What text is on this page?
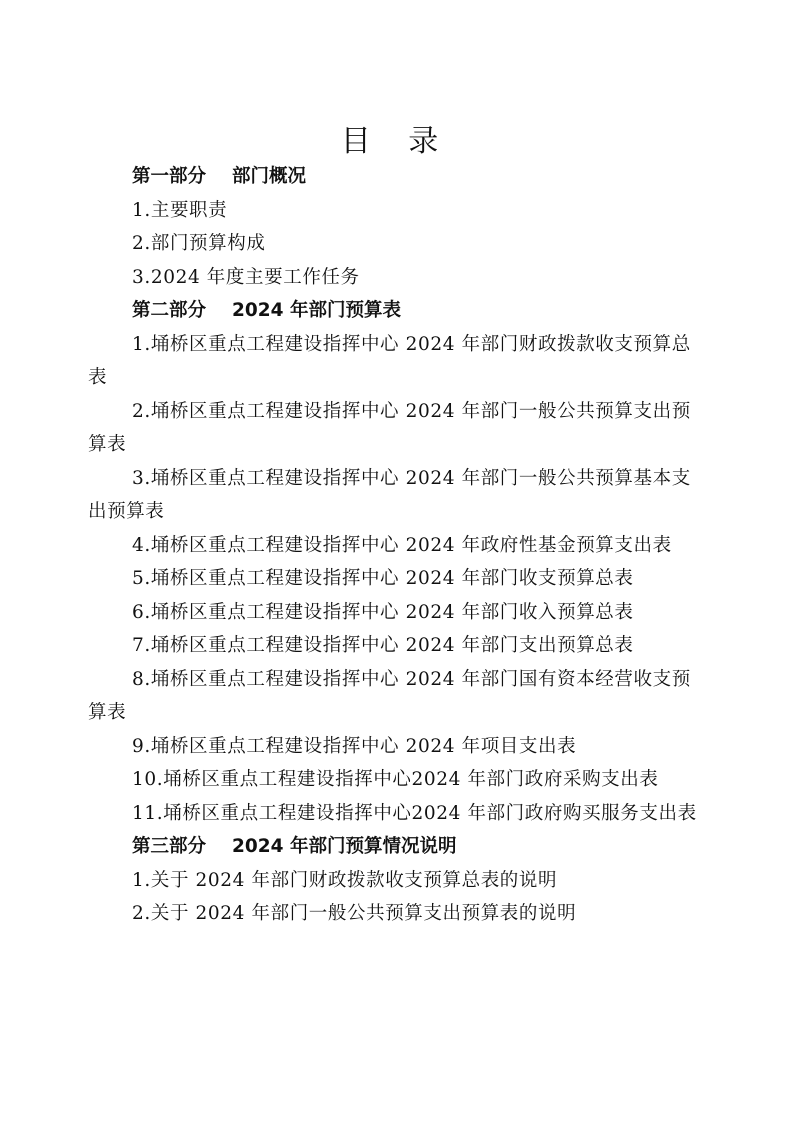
目 录
第一部分 部门概况
1.主要职责
2.部门预算构成
3.2024 年度主要工作任务
第二部分 2024 年部门预算表
1.埇桥区重点工程建设指挥中心 2024 年部门财政拨款收支预算总表
2.埇桥区重点工程建设指挥中心 2024 年部门一般公共预算支出预算表
3.埇桥区重点工程建设指挥中心 2024 年部门一般公共预算基本支出预算表
4.埇桥区重点工程建设指挥中心 2024 年政府性基金预算支出表
5.埇桥区重点工程建设指挥中心 2024 年部门收支预算总表
6.埇桥区重点工程建设指挥中心 2024 年部门收入预算总表
7.埇桥区重点工程建设指挥中心 2024 年部门支出预算总表
8.埇桥区重点工程建设指挥中心 2024 年部门国有资本经营收支预算表
9.埇桥区重点工程建设指挥中心 2024 年项目支出表
10.埇桥区重点工程建设指挥中心2024 年部门政府采购支出表
11.埇桥区重点工程建设指挥中心2024 年部门政府购买服务支出表
第三部分 2024 年部门预算情况说明
1.关于 2024 年部门财政拨款收支预算总表的说明
2.关于 2024 年部门一般公共预算支出预算表的说明
